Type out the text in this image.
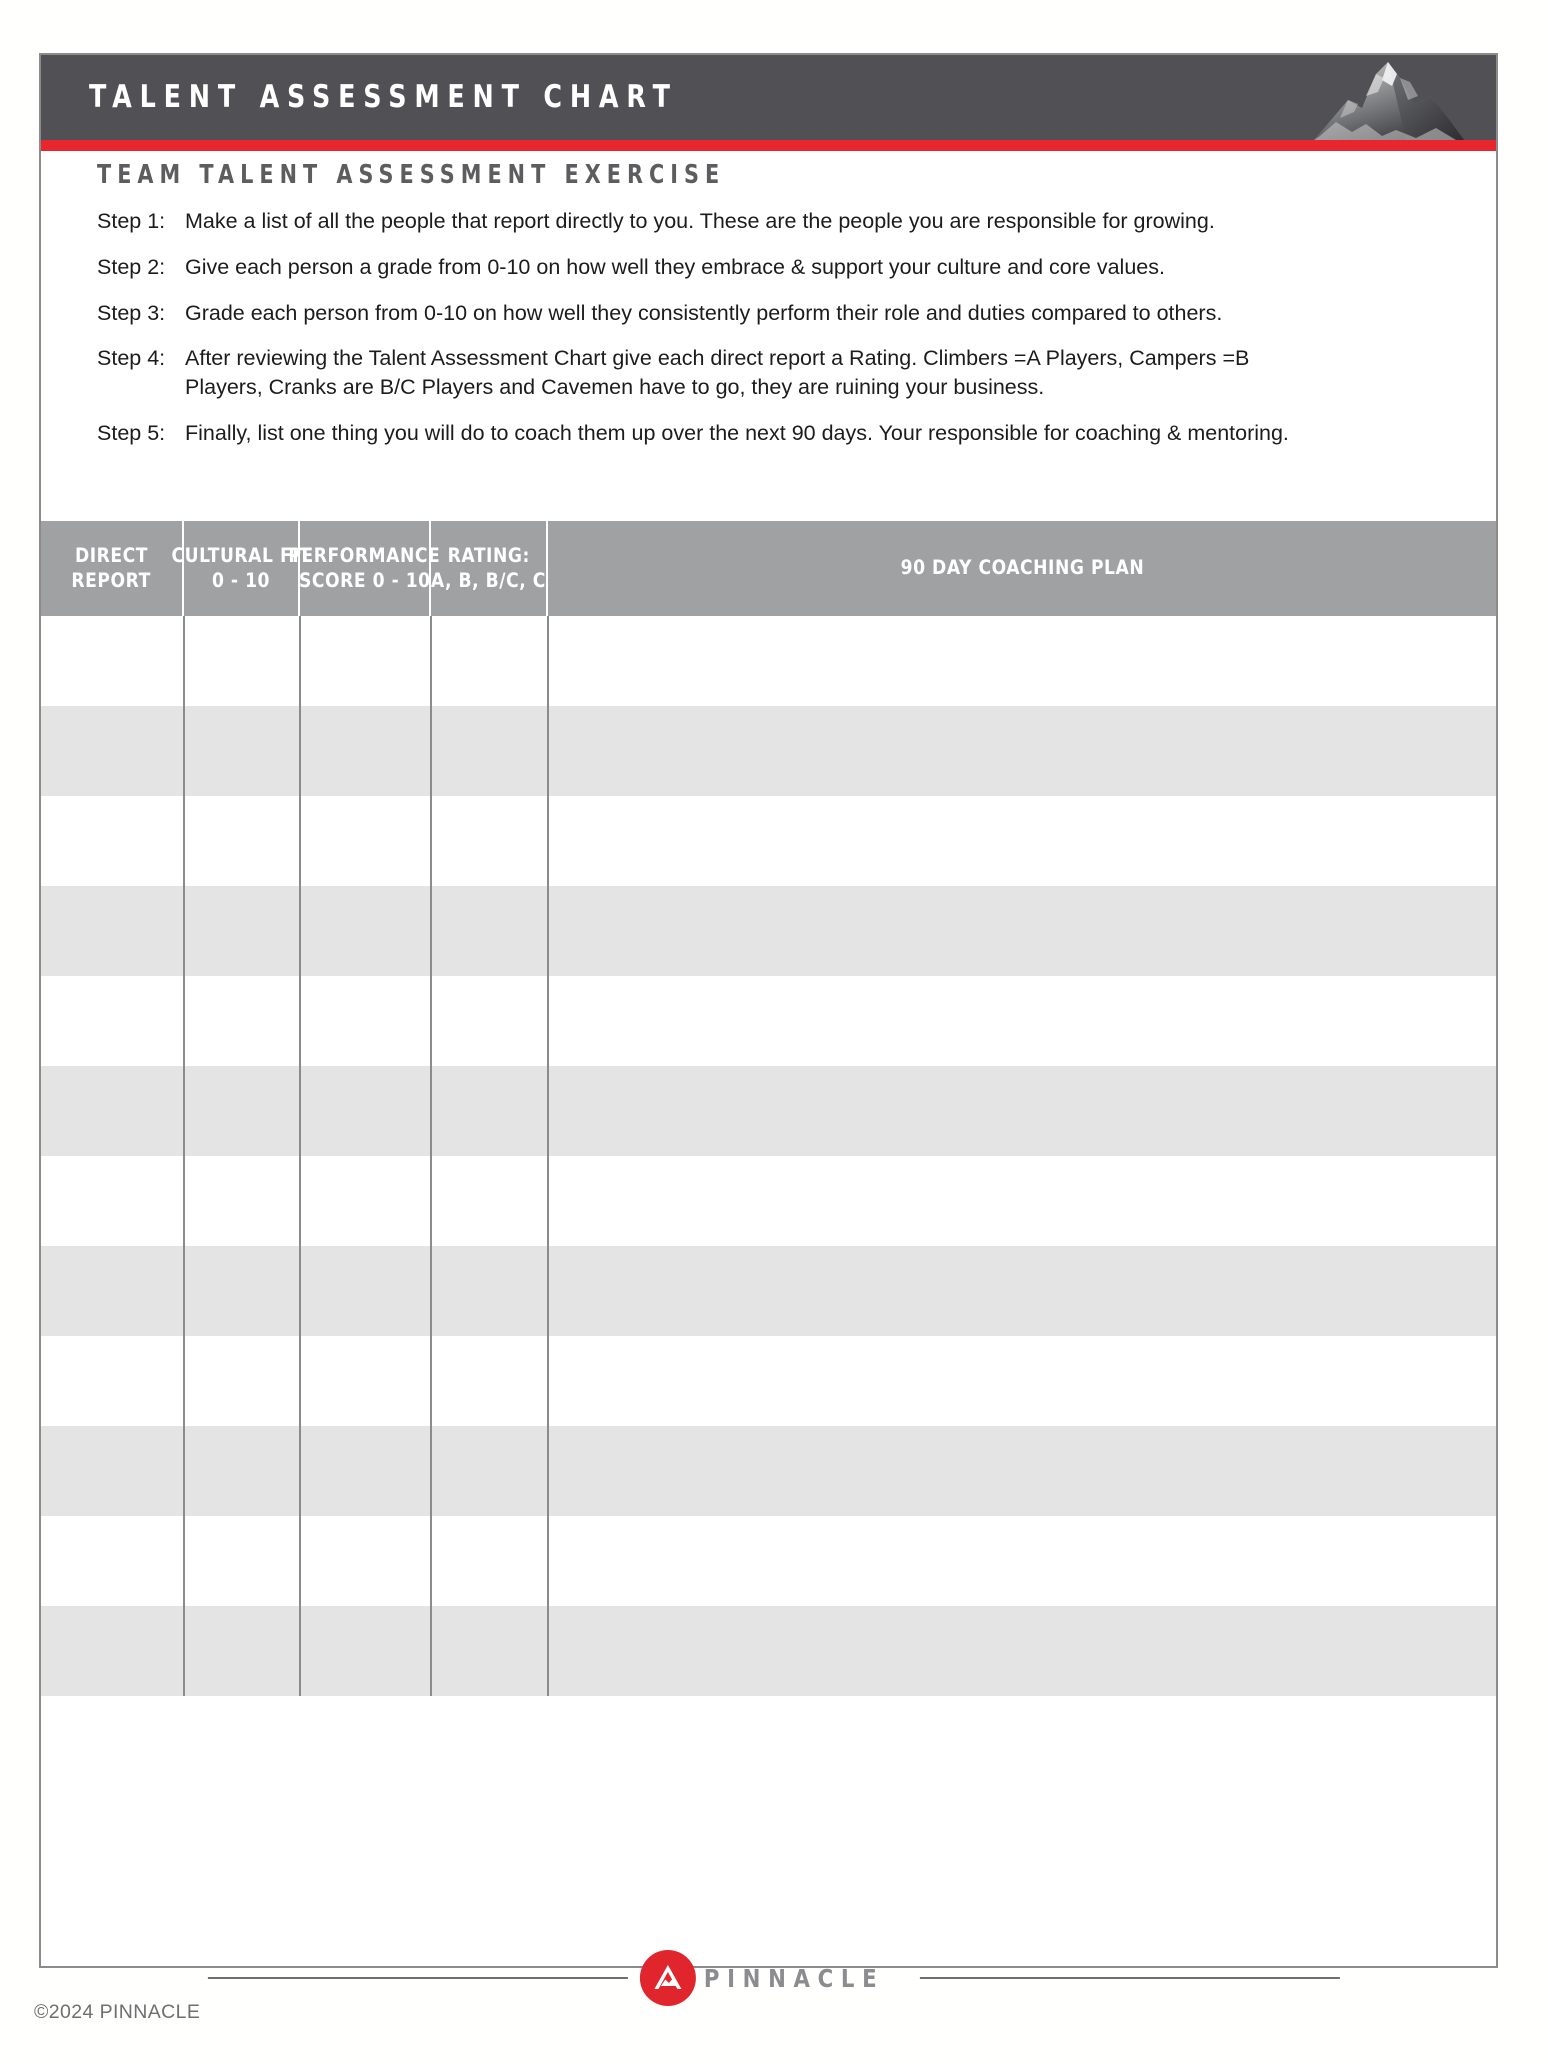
TALENT ASSESSMENT CHART
TEAM TALENT ASSESSMENT EXERCISE
Step 1: Make a list of all the people that report directly to you. These are the people you are responsible for growing.
Step 2: Give each person a grade from 0-10 on how well they embrace & support your culture and core values.
Step 3: Grade each person from 0-10 on how well they consistently perform their role and duties compared to others.
Step 4: After reviewing the Talent Assessment Chart give each direct report a Rating. Climbers =A Players, Campers =B
Players, Cranks are B/C Players and Cavemen have to go, they are ruining your business.
Step 5: Finally, list one thing you will do to coach them up over the next 90 days. Your responsible for coaching & mentoring.
DIRECT
REPORT
CULTURAL FIT
0 - 10
PERFORMANCE
SCORE 0 - 10
RATING:
A, B, B/C, C
90 DAY COACHING PLAN
PINNACLE
©2024 PINNACLE
